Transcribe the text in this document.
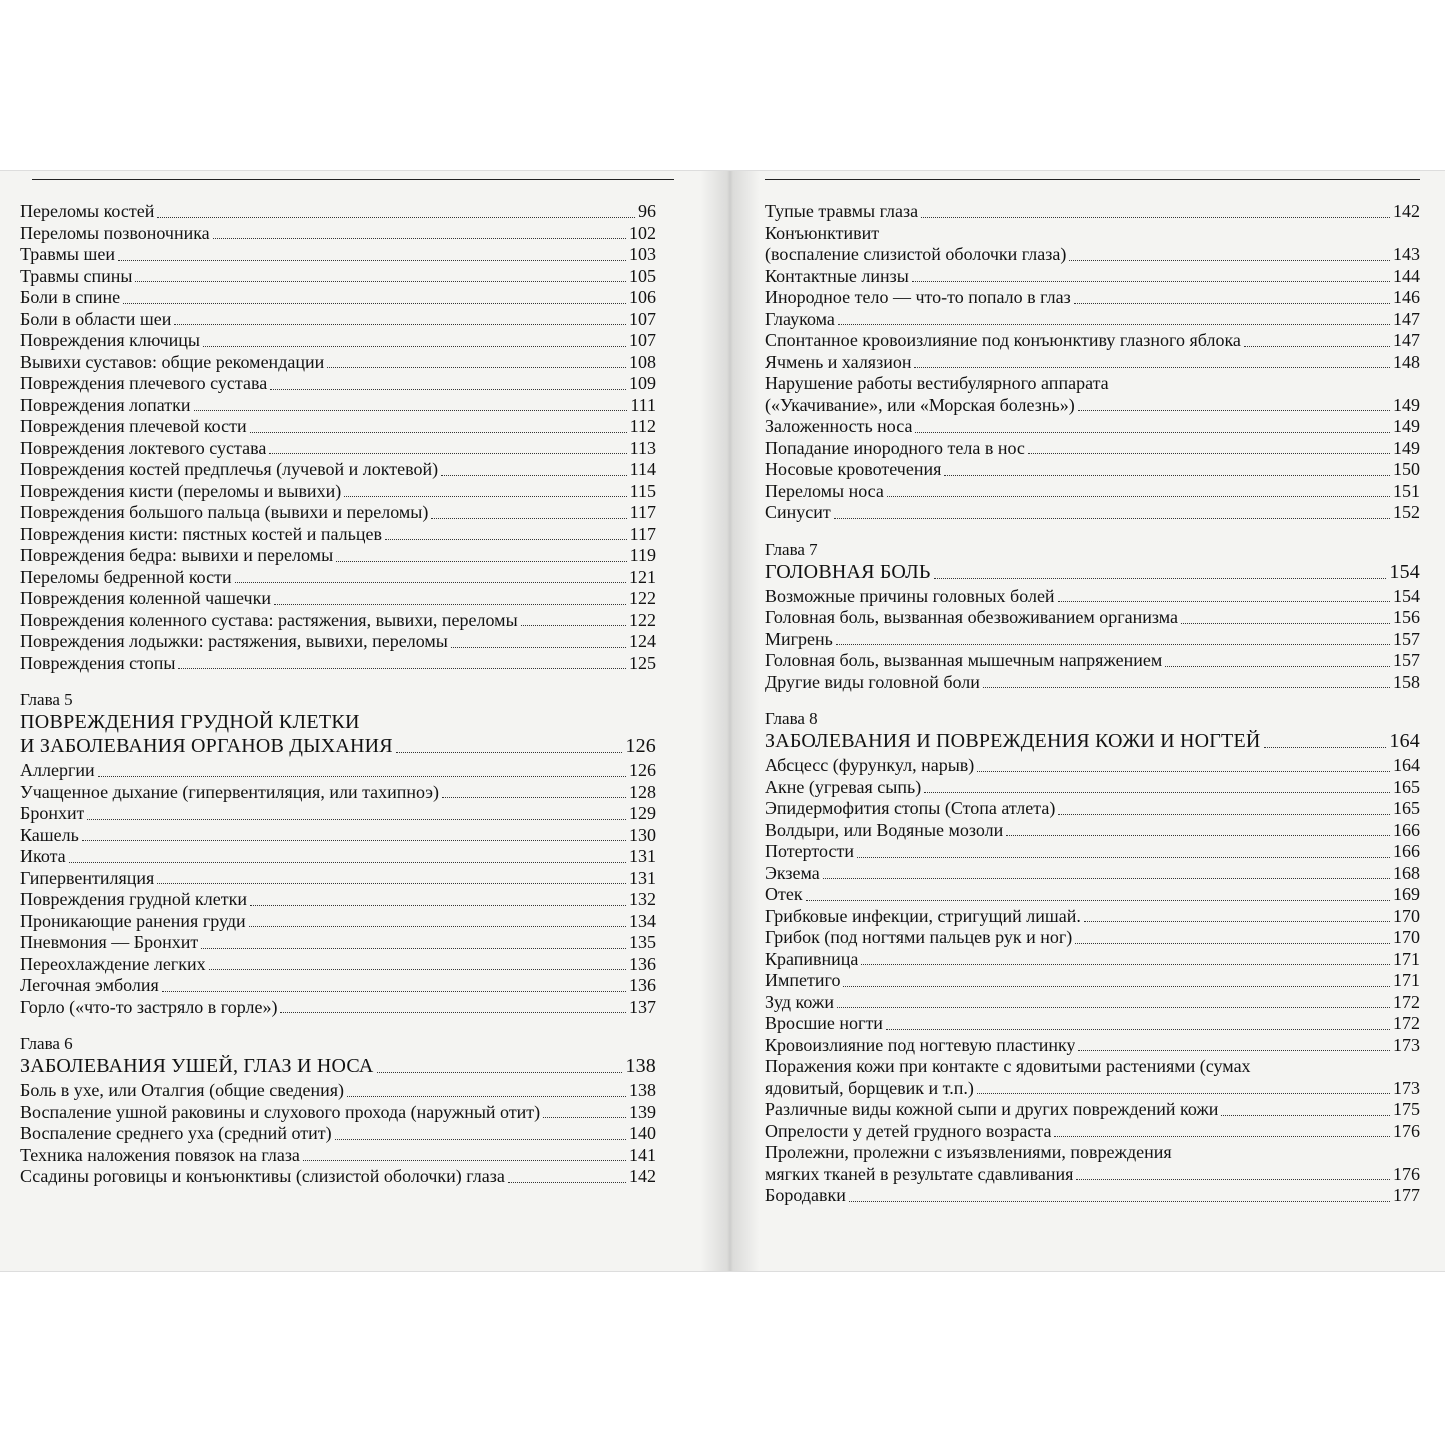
Переломы костей	96
Переломы позвоночника	102
Травмы шеи	103
Травмы спины	105
Боли в спине	106
Боли в области шеи	107
Повреждения ключицы	107
Вывихи суставов: общие рекомендации	108
Повреждения плечевого сустава	109
Повреждения лопатки	111
Повреждения плечевой кости	112
Повреждения локтевого сустава	113
Повреждения костей предплечья (лучевой и локтевой)	114
Повреждения кисти (переломы и вывихи)	115
Повреждения большого пальца (вывихи и переломы)	117
Повреждения кисти: пястных костей и пальцев	117
Повреждения бедра: вывихи и переломы	119
Переломы бедренной кости	121
Повреждения коленной чашечки	122
Повреждения коленного сустава: растяжения, вывихи, переломы	122
Повреждения лодыжки: растяжения, вывихи, переломы	124
Повреждения стопы	125
Глава 5
ПОВРЕЖДЕНИЯ ГРУДНОЙ КЛЕТКИ
И ЗАБОЛЕВАНИЯ ОРГАНОВ ДЫХАНИЯ	126
Аллергии	126
Учащенное дыхание (гипервентиляция, или тахипноэ)	128
Бронхит	129
Кашель	130
Икота	131
Гипервентиляция	131
Повреждения грудной клетки	132
Проникающие ранения груди	134
Пневмония — Бронхит	135
Переохлаждение легких	136
Легочная эмболия	136
Горло («что-то застряло в горле»)	137
Глава 6
ЗАБОЛЕВАНИЯ УШЕЙ, ГЛАЗ И НОСА	138
Боль в ухе, или Оталгия (общие сведения)	138
Воспаление ушной раковины и слухового прохода (наружный отит)	139
Воспаление среднего уха (средний отит)	140
Техника наложения повязок на глаза	141
Ссадины роговицы и конъюнктивы (слизистой оболочки) глаза	142
Тупые травмы глаза	142
Конъюнктивит
(воспаление слизистой оболочки глаза)	143
Контактные линзы	144
Инородное тело — что-то попало в глаз	146
Глаукома	147
Спонтанное кровоизлияние под конъюнктиву глазного яблока	147
Ячмень и халязион	148
Нарушение работы вестибулярного аппарата
(«Укачивание», или «Морская болезнь»)	149
Заложенность носа	149
Попадание инородного тела в нос	149
Носовые кровотечения	150
Переломы носа	151
Синусит	152
Глава 7
ГОЛОВНАЯ БОЛЬ	154
Возможные причины головных болей	154
Головная боль, вызванная обезвоживанием организма	156
Мигрень	157
Головная боль, вызванная мышечным напряжением	157
Другие виды головной боли	158
Глава 8
ЗАБОЛЕВАНИЯ И ПОВРЕЖДЕНИЯ КОЖИ И НОГТЕЙ	164
Абсцесс (фурункул, нарыв)	164
Акне (угревая сыпь)	165
Эпидермофития стопы (Стопа атлета)	165
Волдыри, или Водяные мозоли	166
Потертости	166
Экзема	168
Отек	169
Грибковые инфекции, стригущий лишай.	170
Грибок (под ногтями пальцев рук и ног)	170
Крапивница	171
Импетиго	171
Зуд кожи	172
Вросшие ногти	172
Кровоизлияние под ногтевую пластинку	173
Поражения кожи при контакте с ядовитыми растениями (сумах
ядовитый, борщевик и т.п.)	173
Различные виды кожной сыпи и других повреждений кожи	175
Опрелости у детей грудного возраста	176
Пролежни, пролежни с изъязвлениями, повреждения
мягких тканей в результате сдавливания	176
Бородавки	177
